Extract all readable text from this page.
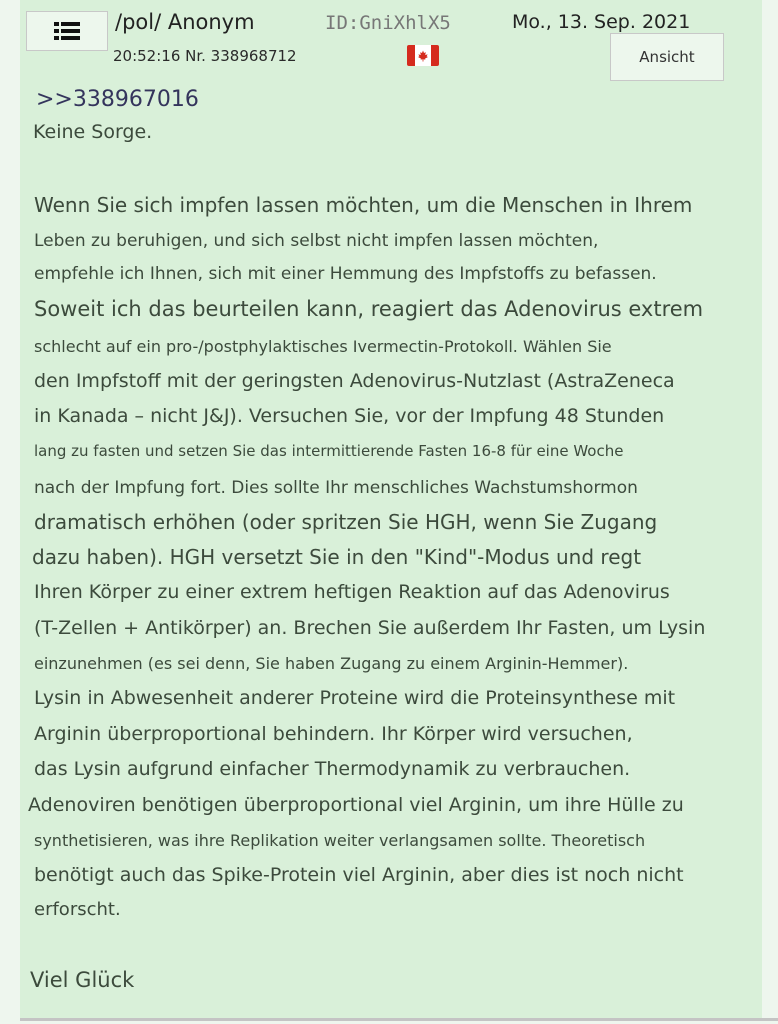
/pol/ Anonym	ID:GniXhlX5	Mo., 13. Sep. 2021
20:52:16 Nr. 338968712	Ansicht
>>338967016
Keine Sorge.
Wenn Sie sich impfen lassen möchten, um die Menschen in Ihrem
Leben zu beruhigen, und sich selbst nicht impfen lassen möchten,
empfehle ich Ihnen, sich mit einer Hemmung des Impfstoffs zu befassen.
Soweit ich das beurteilen kann, reagiert das Adenovirus extrem
schlecht auf ein pro-/postphylaktisches Ivermectin-Protokoll. Wählen Sie
den Impfstoff mit der geringsten Adenovirus-Nutzlast (AstraZeneca
in Kanada – nicht J&J). Versuchen Sie, vor der Impfung 48 Stunden
lang zu fasten und setzen Sie das intermittierende Fasten 16-8 für eine Woche
nach der Impfung fort. Dies sollte Ihr menschliches Wachstumshormon
dramatisch erhöhen (oder spritzen Sie HGH, wenn Sie Zugang
dazu haben). HGH versetzt Sie in den "Kind"-Modus und regt
Ihren Körper zu einer extrem heftigen Reaktion auf das Adenovirus
(T-Zellen + Antikörper) an. Brechen Sie außerdem Ihr Fasten, um Lysin
einzunehmen (es sei denn, Sie haben Zugang zu einem Arginin-Hemmer).
Lysin in Abwesenheit anderer Proteine wird die Proteinsynthese mit
Arginin überproportional behindern. Ihr Körper wird versuchen,
das Lysin aufgrund einfacher Thermodynamik zu verbrauchen.
Adenoviren benötigen überproportional viel Arginin, um ihre Hülle zu
synthetisieren, was ihre Replikation weiter verlangsamen sollte. Theoretisch
benötigt auch das Spike-Protein viel Arginin, aber dies ist noch nicht
erforscht.
Viel Glück
